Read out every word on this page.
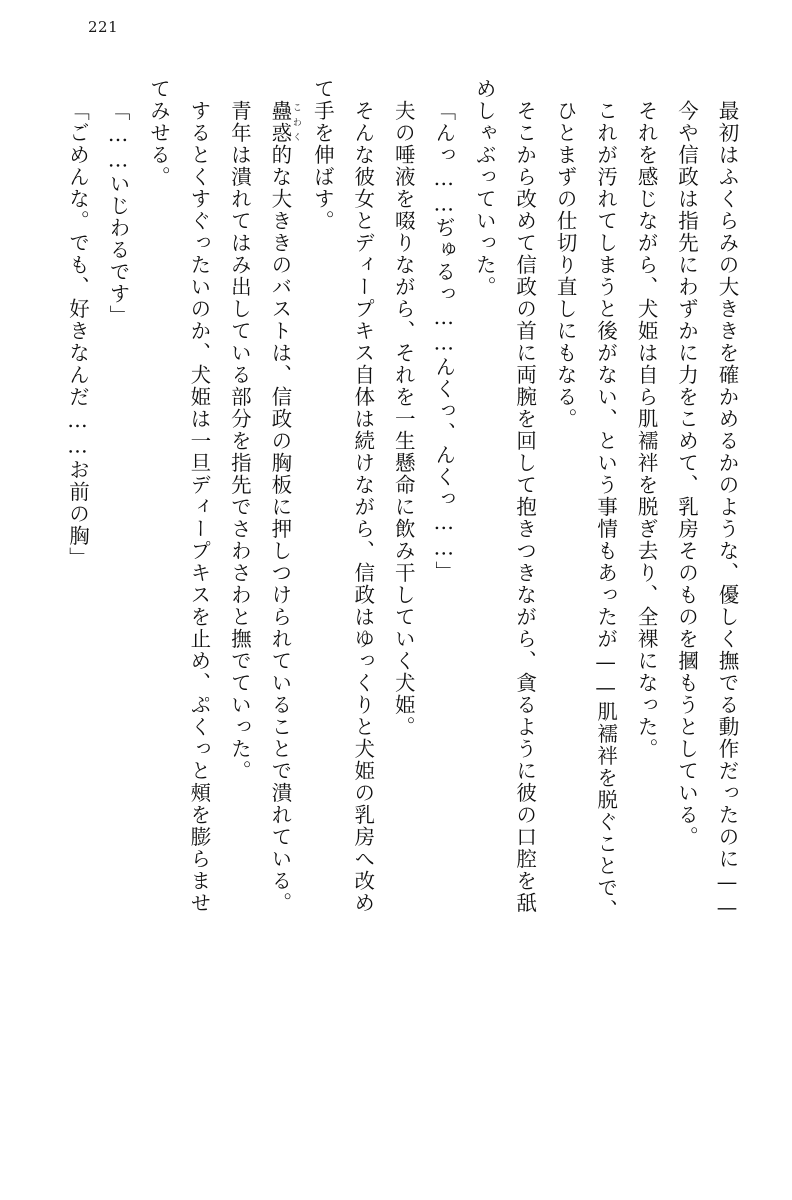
221

最初はふくらみの大ききを確かめるかのような、優しく撫でる動作だったのに——

今や信政は指先にわずかに力をこめて、乳房そのものを摑もうとしている。

それを感じながら、犬姫は自ら肌襦袢を脱ぎ去り、全裸になった。

これが汚れてしまうと後がない、という事情もあったが——肌襦袢を脱ぐことで、

ひとまずの仕切り直しにもなる。

そこから改めて信政の首に両腕を回して抱きつきながら、貪るように彼の口腔を舐

めしゃぶっていった。

「んっ……ぢゅるっ……んくっ、んくっ……」

夫の唾液を啜りながら、それを一生懸命に飲み干していく犬姫。

そんな彼女とディープキス自体は続けながら、信政はゆっくりと犬姫の乳房へ改め

て手を伸ばす。

蠱惑 こわく的な大ききのバストは、信政の胸板に押しつけられていることで潰れている。

青年は潰れてはみ出している部分を指先でさわさわと撫でていった。

するとくすぐったいのか、犬姫は一旦ディープキスを止め、ぷくっと頰を膨らませ

てみせる。

「……いじわるです」

「ごめんな。でも、好きなんだ……お前の胸」
